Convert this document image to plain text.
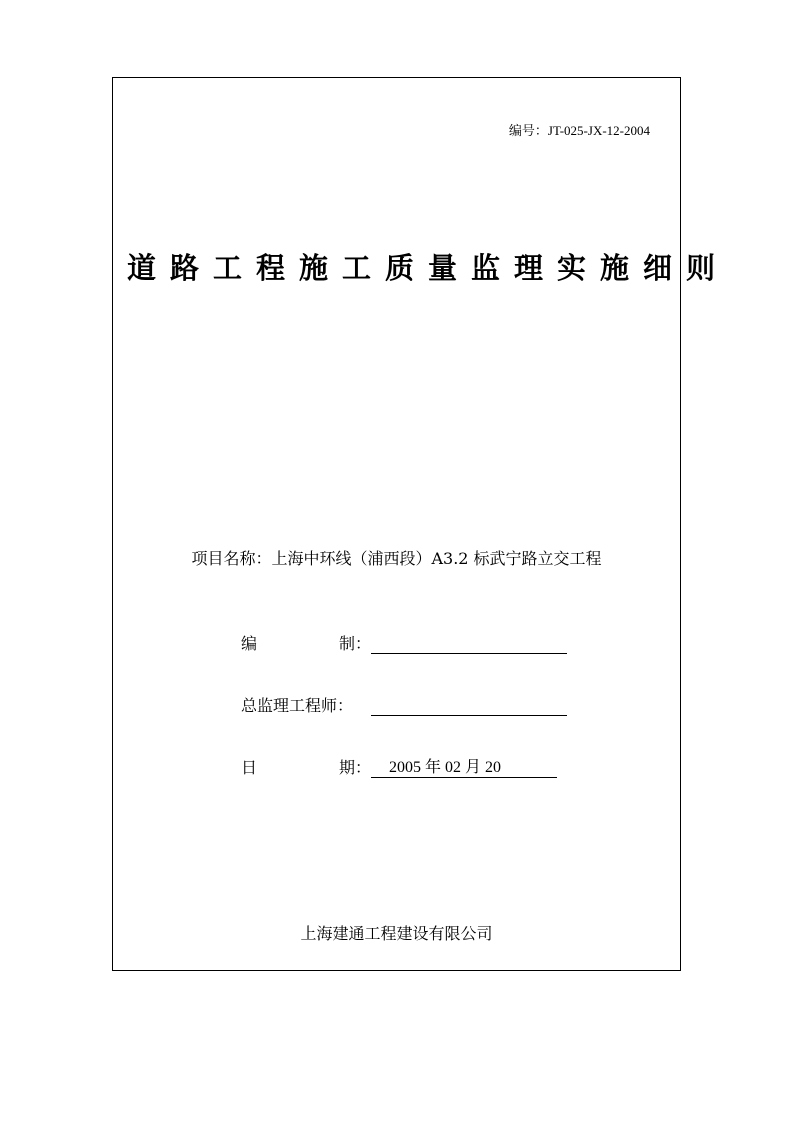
编号：JT-025-JX-12-2004
道路工程施工质量监理实施细则
项目名称：上海中环线（浦西段）A3.2 标武宁路立交工程
编	制：
总监理工程师：
日	期：	2005 年 02 月 20
上海建通工程建设有限公司
